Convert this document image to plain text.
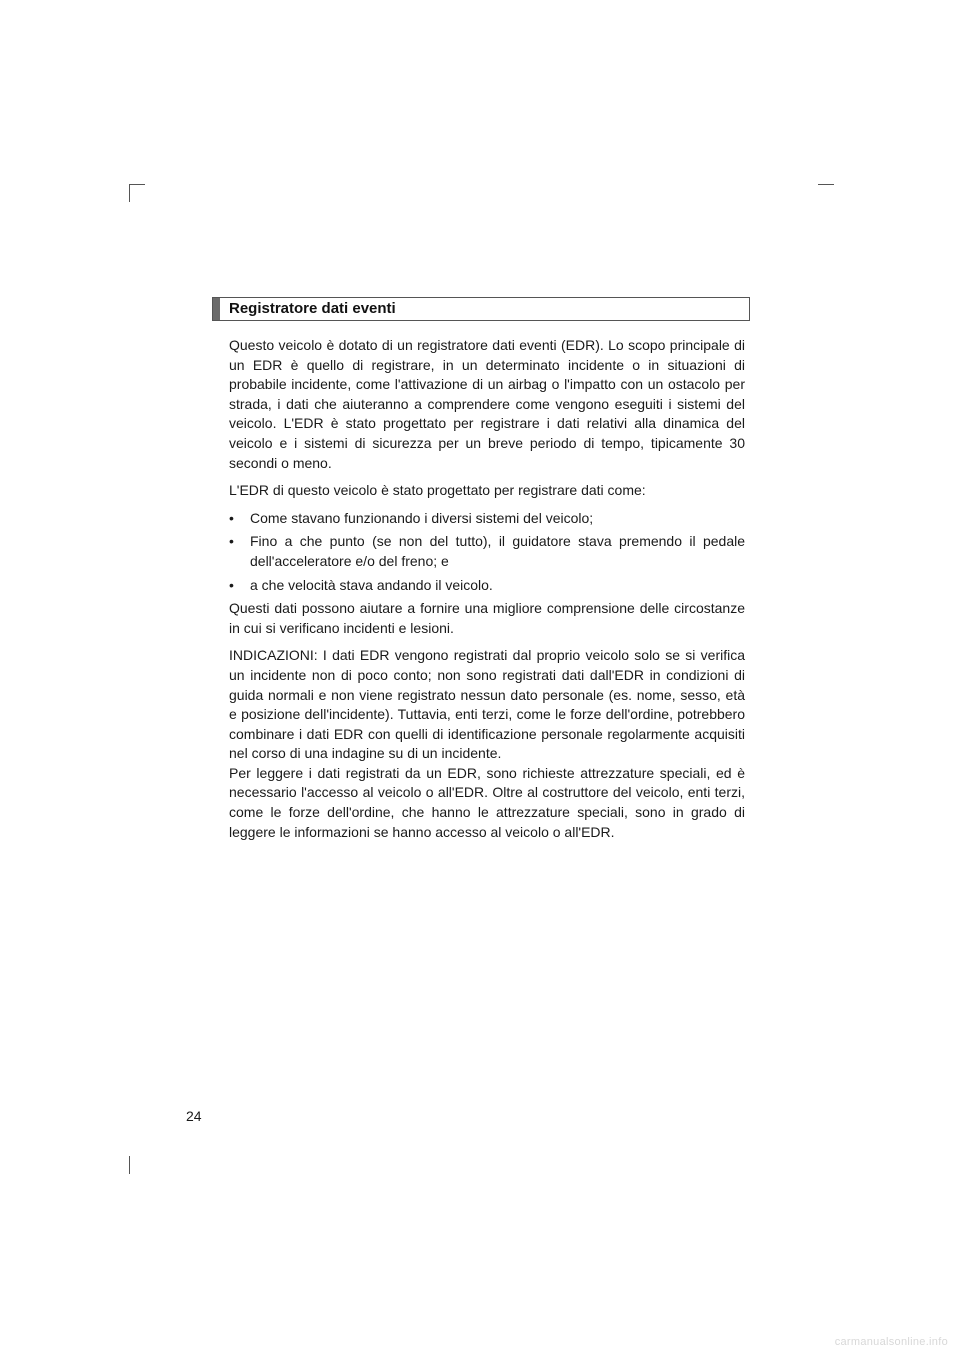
Registratore dati eventi

Questo veicolo è dotato di un registratore dati eventi (EDR). Lo scopo principale di un EDR è quello di registrare, in un determinato incidente o in situazioni di probabile incidente, come l'attivazione di un airbag o l'impatto con un ostacolo per strada, i dati che aiuteranno a comprendere come vengono eseguiti i sistemi del veicolo. L'EDR è stato progettato per registrare i dati relativi alla dinamica del veicolo e i sistemi di sicurezza per un breve periodo di tempo, tipicamente 30 secondi o meno.

L'EDR di questo veicolo è stato progettato per registrare dati come:

• Come stavano funzionando i diversi sistemi del veicolo;
• Fino a che punto (se non del tutto), il guidatore stava premendo il pedale dell'acceleratore e/o del freno; e
• a che velocità stava andando il veicolo.

Questi dati possono aiutare a fornire una migliore comprensione delle circostanze in cui si verificano incidenti e lesioni.

INDICAZIONI: I dati EDR vengono registrati dal proprio veicolo solo se si verifica un incidente non di poco conto; non sono registrati dati dall'EDR in condizioni di guida normali e non viene registrato nessun dato personale (es. nome, sesso, età e posizione dell'incidente). Tuttavia, enti terzi, come le forze dell'ordine, potrebbero combinare i dati EDR con quelli di identificazione personale regolarmente acquisiti nel corso di una indagine su di un incidente.

Per leggere i dati registrati da un EDR, sono richieste attrezzature speciali, ed è necessario l'accesso al veicolo o all'EDR. Oltre al costruttore del veicolo, enti terzi, come le forze dell'ordine, che hanno le attrezzature speciali, sono in grado di leggere le informazioni se hanno accesso al veicolo o all'EDR.

24
carmanualsonline.info
